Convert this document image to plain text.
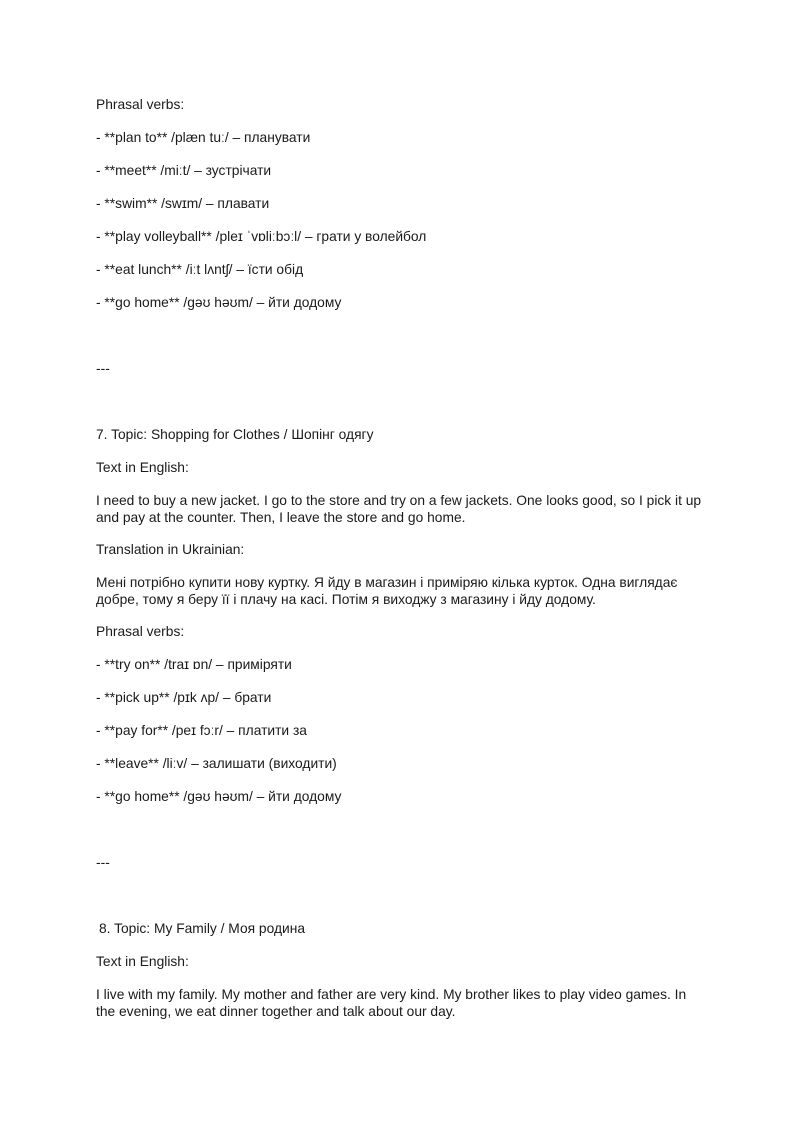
Phrasal verbs:

- **plan to** /plæn tuː/ – планувати

- **meet** /miːt/ – зустрічати

- **swim** /swɪm/ – плавати

- **play volleyball** /pleɪ ˈvɒliːbɔːl/ – грати у волейбол

- **eat lunch** /iːt lʌntʃ/ – їсти обід

- **go home** /ɡəʊ həʊm/ – йти додому

---

7. Topic: Shopping for Clothes / Шопінг одягу

Text in English:

I need to buy a new jacket. I go to the store and try on a few jackets. One looks good, so I pick it up and pay at the counter. Then, I leave the store and go home.

Translation in Ukrainian:

Мені потрібно купити нову куртку. Я йду в магазин і приміряю кілька курток. Одна виглядає добре, тому я беру її і плачу на касі. Потім я виходжу з магазину і йду додому.

Phrasal verbs:

- **try on** /traɪ ɒn/ – приміряти

- **pick up** /pɪk ʌp/ – брати

- **pay for** /peɪ fɔːr/ – платити за

- **leave** /liːv/ – залишати (виходити)

- **go home** /ɡəʊ həʊm/ – йти додому

---

8. Topic: My Family / Моя родина

Text in English:

I live with my family. My mother and father are very kind. My brother likes to play video games. In the evening, we eat dinner together and talk about our day.
